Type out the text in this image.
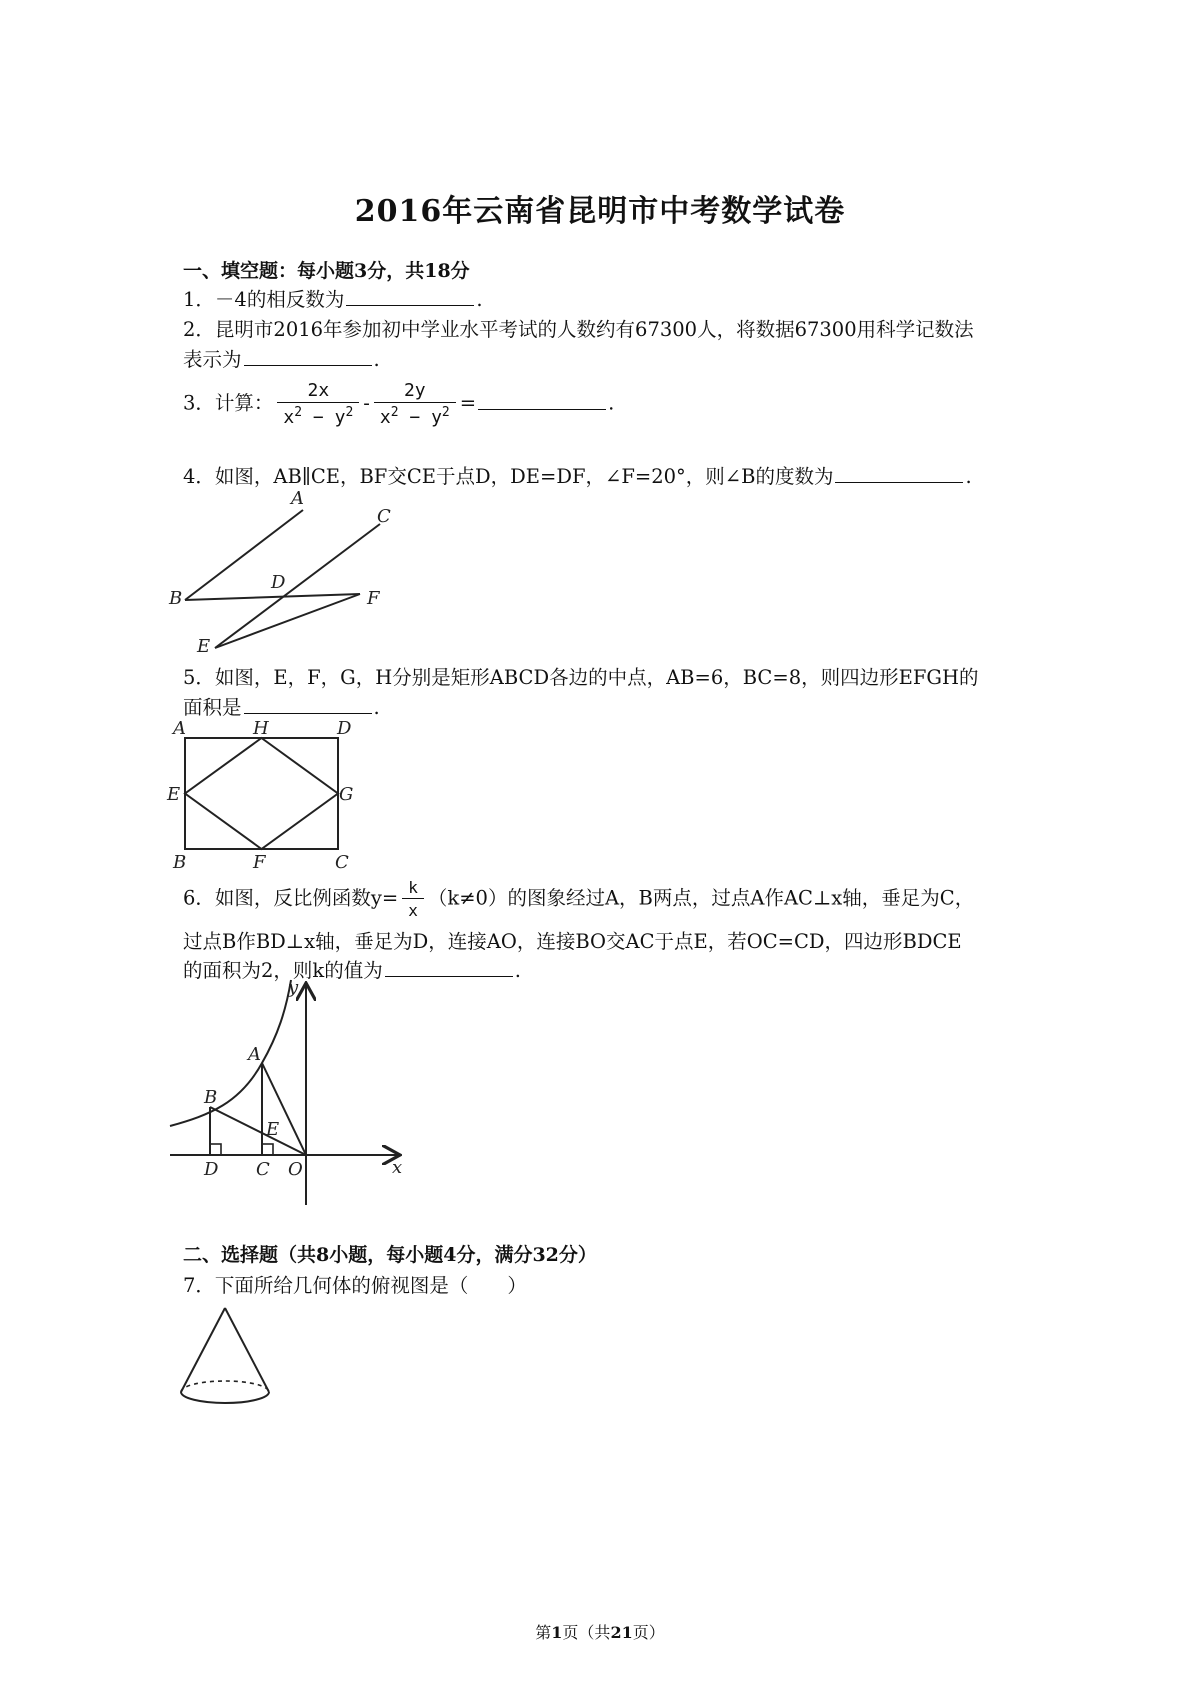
2016年云南省昆明市中考数学试卷
一、填空题：每小题3分，共18分
1．－4的相反数为	.
2．昆明市2016年参加初中学业水平考试的人数约有67300人，将数据67300用科学记数法
表示为	.
3．计算： $\frac{2x}{x^2 - y^2} - \frac{2y}{x^2 - y^2}$ =	.
4．如图，AB∥CE，BF交CE于点D，DE=DF，∠F=20°，则∠B的度数为	.
A
B
C
D
E
F
5．如图，E，F，G，H分别是矩形ABCD各边的中点，AB=6，BC=8，则四边形EFGH的
面积是	.
A	H	D
E	G
B	F	C
6．如图，反比例函数$y= \frac{k}{x} (k\ne 0)$的图象经过A，B两点，过点A作AC⊥x轴，垂足为C，
过点B作BD⊥x轴，垂足为D，连接AO，连接BO交AC于点E，若OC=CD，四边形BDCE
的面积为2，则k的值为	.
y
x
A
B
D C
E
O
二、选择题（共8小题，每小题4分，满分32分）
7．下面所给几何体的俯视图是（　　）
第1页（共21页）
